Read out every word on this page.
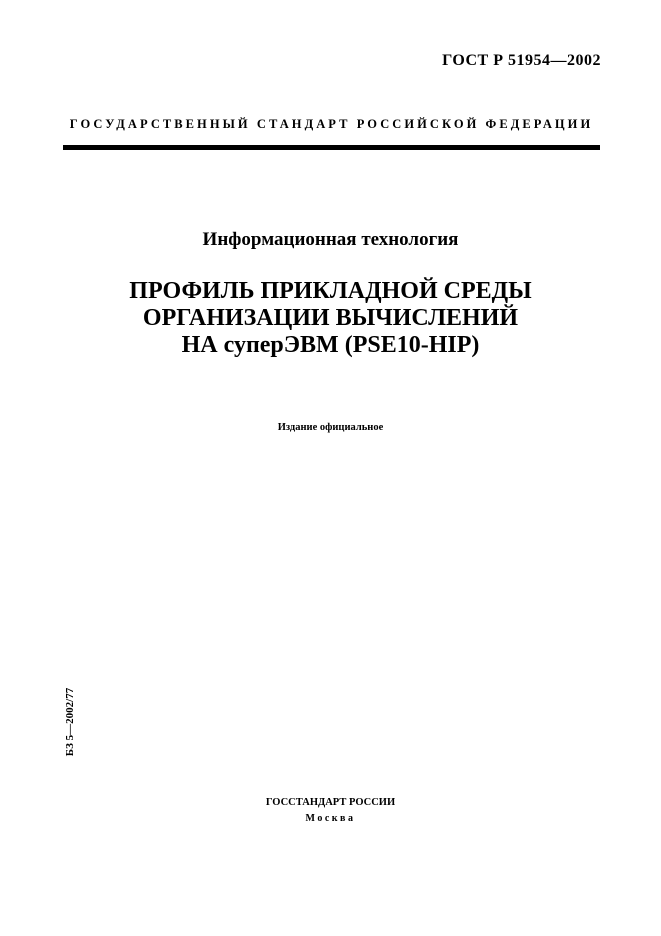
ГОСТ Р 51954—2002
ГОСУДАРСТВЕННЫЙ СТАНДАРТ РОССИЙСКОЙ ФЕДЕРАЦИИ
Информационная технология
ПРОФИЛЬ ПРИКЛАДНОЙ СРЕДЫ
ОРГАНИЗАЦИИ ВЫЧИСЛЕНИЙ
НА суперЭВМ (PSE10-HIP)
Издание официальное
БЗ 5—2002/77
ГОССТАНДАРТ РОССИИ
Москва
